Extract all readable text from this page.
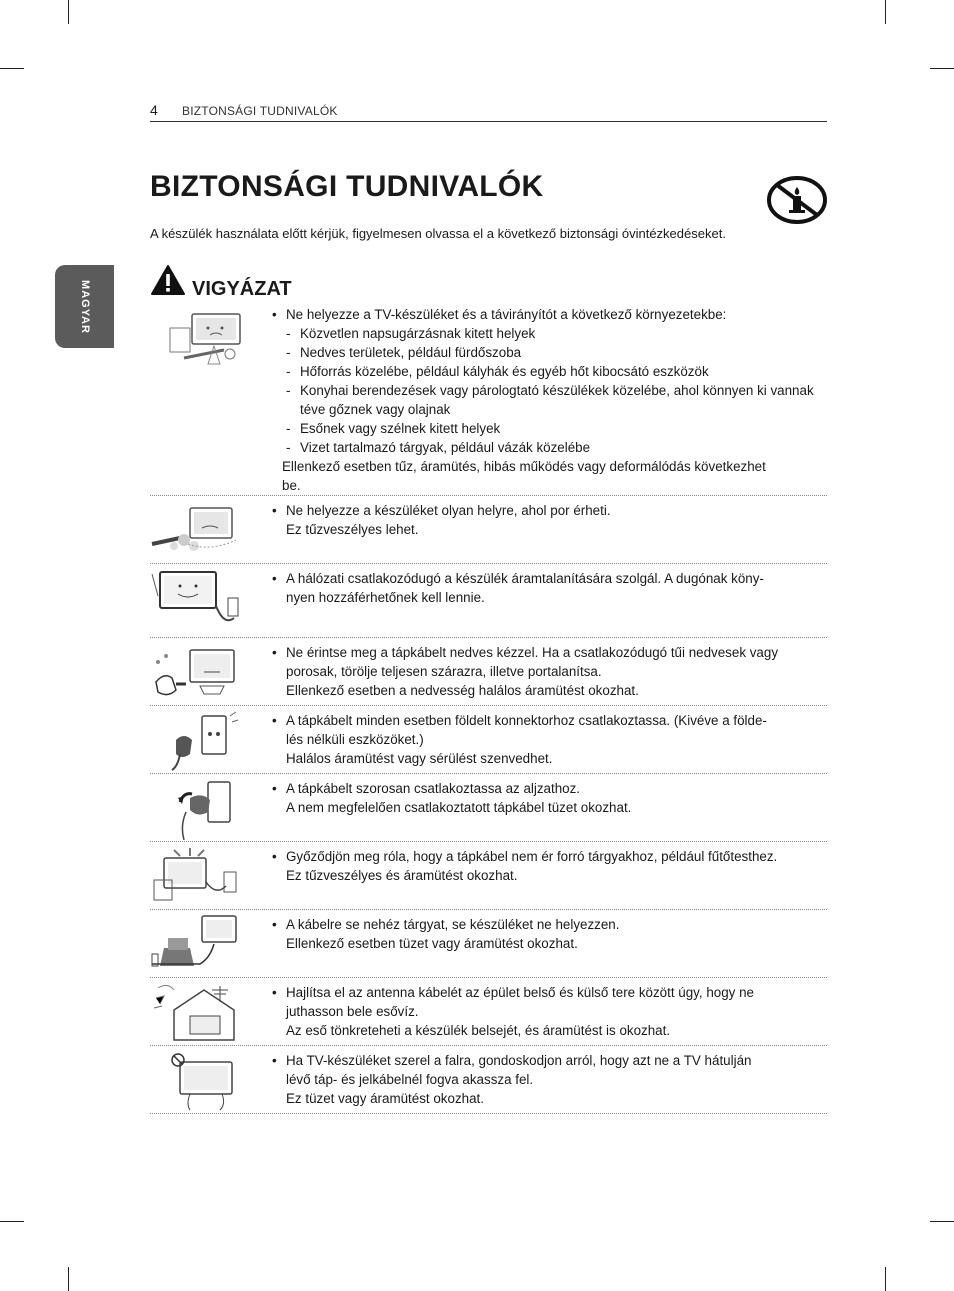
4 BIZTONSÁGI TUDNIVALÓK
MAGYAR
BIZTONSÁGI TUDNIVALÓK

A készülék használata előtt kérjük, figyelmesen olvassa el a következő biztonsági óvintézkedéseket.

VIGYÁZAT
• Ne helyezze a TV-készüléket és a távirányítót a következő környezetekbe:
- Közvetlen napsugárzásnak kitett helyek
- Nedves területek, például fürdőszoba
- Hőforrás közelébe, például kályhák és egyéb hőt kibocsátó eszközök
- Konyhai berendezések vagy párologtató készülékek közelébe, ahol könnyen ki vannak téve gőznek vagy olajnak
- Esőnek vagy szélnek kitett helyek
- Vizet tartalmazó tárgyak, például vázák közelébe
Ellenkező esetben tűz, áramütés, hibás működés vagy deformálódás következhet
be.
• Ne helyezze a készüléket olyan helyre, ahol por érheti.
Ez tűzveszélyes lehet.
• A hálózati csatlakozódugó a készülék áramtalanítására szolgál. A dugónak köny-
nyen hozzáférhetőnek kell lennie.
• Ne érintse meg a tápkábelt nedves kézzel. Ha a csatlakozódugó tűi nedvesek vagy
porosak, törölje teljesen szárazra, illetve portalanítsa.
Ellenkező esetben a nedvesség halálos áramütést okozhat.
• A tápkábelt minden esetben földelt konnektorhoz csatlakoztassa. (Kivéve a földe-
lés nélküli eszközöket.)
Halálos áramütést vagy sérülést szenvedhet.
• A tápkábelt szorosan csatlakoztassa az aljzathoz.
A nem megfelelően csatlakoztatott tápkábel tüzet okozhat.
• Győződjön meg róla, hogy a tápkábel nem ér forró tárgyakhoz, például fűtőtesthez.
Ez tűzveszélyes és áramütést okozhat.
• A kábelre se nehéz tárgyat, se készüléket ne helyezzen.
Ellenkező esetben tüzet vagy áramütést okozhat.
• Hajlítsa el az antenna kábelét az épület belső és külső tere között úgy, hogy ne
juthasson bele esővíz.
Az eső tönkreteheti a készülék belsejét, és áramütést is okozhat.
• Ha TV-készüléket szerel a falra, gondoskodjon arról, hogy azt ne a TV hátulján
lévő táp- és jelkábelnél fogva akassza fel.
Ez tüzet vagy áramütést okozhat.
